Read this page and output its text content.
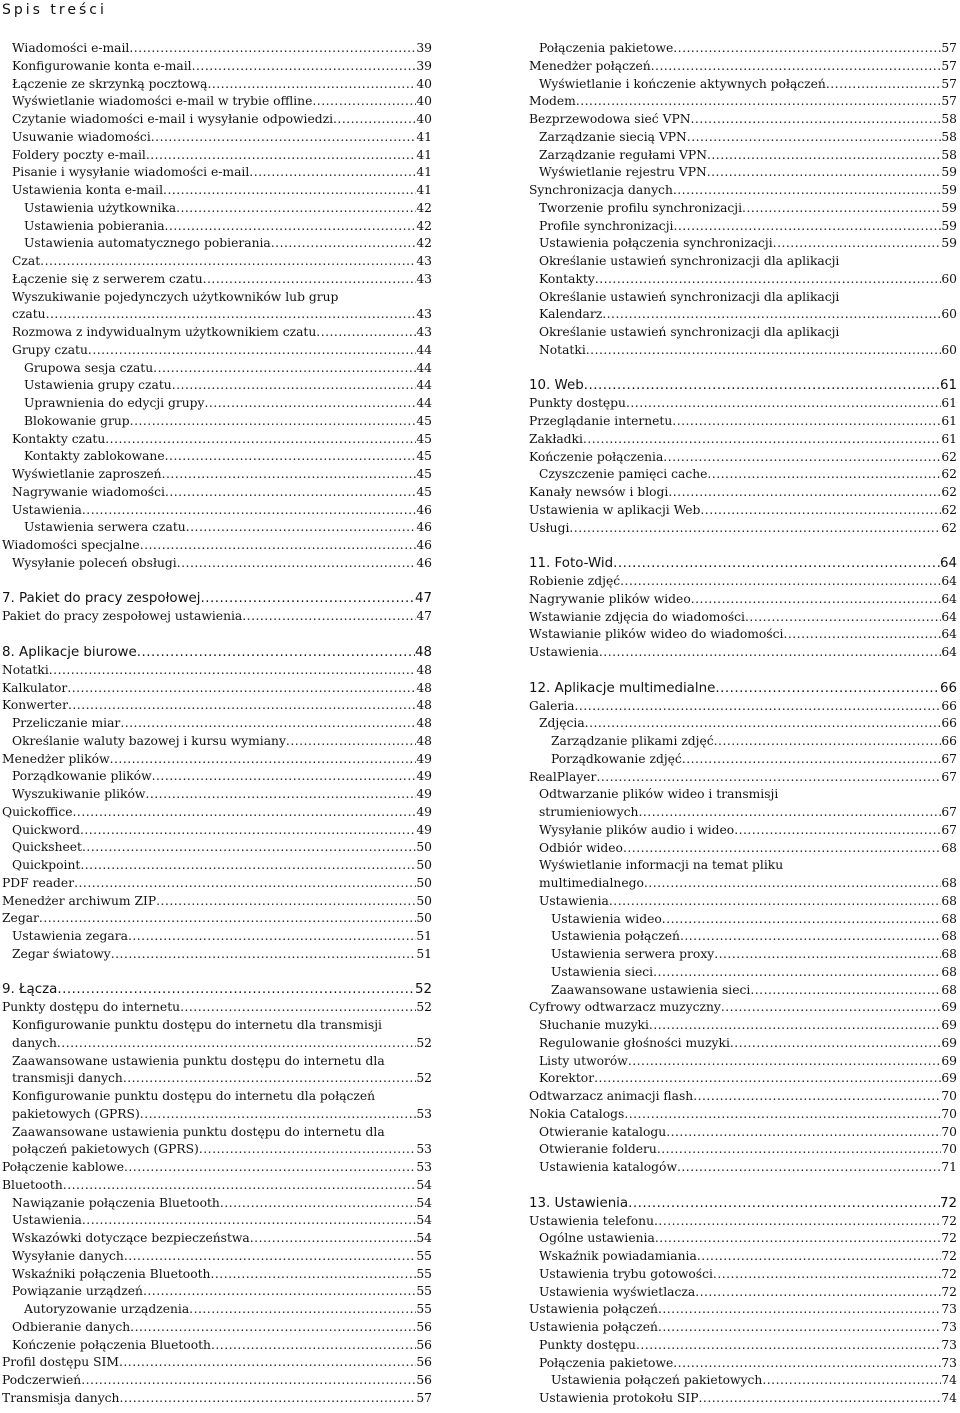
Spis treści
Wiadomości e-mail .....	39
Konfigurowanie konta e-mail .....	39
Łączenie ze skrzynką pocztową .....	40
Wyświetlanie wiadomości e-mail w trybie offline .....	40
Czytanie wiadomości e-mail i wysyłanie odpowiedzi .....	40
Usuwanie wiadomości .....	41
Foldery poczty e-mail .....	41
Pisanie i wysyłanie wiadomości e-mail .....	41
Ustawienia konta e-mail .....	41
Ustawienia użytkownika .....	42
Ustawienia pobierania .....	42
Ustawienia automatycznego pobierania .....	42
Czat .....	43
Łączenie się z serwerem czatu .....	43
Wyszukiwanie pojedynczych użytkowników lub grup
czatu .....	43
Rozmowa z indywidualnym użytkownikiem czatu .....	43
Grupy czatu .....	44
Grupowa sesja czatu .....	44
Ustawienia grupy czatu .....	44
Uprawnienia do edycji grupy .....	44
Blokowanie grup .....	45
Kontakty czatu .....	45
Kontakty zablokowane .....	45
Wyświetlanie zaproszeń .....	45
Nagrywanie wiadomości .....	45
Ustawienia .....	46
Ustawienia serwera czatu .....	46
Wiadomości specjalne .....	46
Wysyłanie poleceń obsługi .....	46
7. Pakiet do pracy zespołowej .....	47
Pakiet do pracy zespołowej ustawienia .....	47
8. Aplikacje biurowe .....	48
Notatki .....	48
Kalkulator .....	48
Konwerter .....	48
Przeliczanie miar .....	48
Określanie waluty bazowej i kursu wymiany .....	48
Menedżer plików .....	49
Porządkowanie plików .....	49
Wyszukiwanie plików .....	49
Quickoffice .....	49
Quickword .....	49
Quicksheet .....	50
Quickpoint .....	50
PDF reader .....	50
Menedżer archiwum ZIP .....	50
Zegar .....	50
Ustawienia zegara .....	51
Zegar światowy .....	51
9. Łącza .....	52
Punkty dostępu do internetu .....	52
Konfigurowanie punktu dostępu do internetu dla transmisji
danych .....	52
Zaawansowane ustawienia punktu dostępu do internetu dla
transmisji danych .....	52
Konfigurowanie punktu dostępu do internetu dla połączeń
pakietowych (GPRS) .....	53
Zaawansowane ustawienia punktu dostępu do internetu dla
połączeń pakietowych (GPRS) .....	53
Połączenie kablowe .....	53
Bluetooth .....	54
Nawiązanie połączenia Bluetooth .....	54
Ustawienia .....	54
Wskazówki dotyczące bezpieczeństwa .....	54
Wysyłanie danych .....	55
Wskaźniki połączenia Bluetooth .....	55
Powiązanie urządzeń .....	55
Autoryzowanie urządzenia .....	55
Odbieranie danych .....	56
Kończenie połączenia Bluetooth .....	56
Profil dostępu SIM .....	56
Podczerwień .....	56
Transmisja danych .....	57
Połączenia pakietowe .....	57
Menedżer połączeń .....	57
Wyświetlanie i kończenie aktywnych połączeń .....	57
Modem .....	57
Bezprzewodowa sieć VPN .....	58
Zarządzanie siecią VPN .....	58
Zarządzanie regułami VPN .....	58
Wyświetlanie rejestru VPN .....	59
Synchronizacja danych .....	59
Tworzenie profilu synchronizacji .....	59
Profile synchronizacji .....	59
Ustawienia połączenia synchronizacji .....	59
Określanie ustawień synchronizacji dla aplikacji
Kontakty .....	60
Określanie ustawień synchronizacji dla aplikacji
Kalendarz .....	60
Określanie ustawień synchronizacji dla aplikacji
Notatki .....	60
10. Web .....	61
Punkty dostępu .....	61
Przeglądanie internetu .....	61
Zakładki .....	61
Kończenie połączenia .....	62
Czyszczenie pamięci cache .....	62
Kanały newsów i blogi .....	62
Ustawienia w aplikacji Web .....	62
Usługi .....	62
11. Foto-Wid .....	64
Robienie zdjęć .....	64
Nagrywanie plików wideo .....	64
Wstawianie zdjęcia do wiadomości .....	64
Wstawianie plików wideo do wiadomości .....	64
Ustawienia .....	64
12. Aplikacje multimedialne .....	66
Galeria .....	66
Zdjęcia .....	66
Zarządzanie plikami zdjęć .....	66
Porządkowanie zdjęć .....	67
RealPlayer .....	67
Odtwarzanie plików wideo i transmisji
strumieniowych .....	67
Wysyłanie plików audio i wideo .....	67
Odbiór wideo .....	68
Wyświetlanie informacji na temat pliku
multimedialnego .....	68
Ustawienia .....	68
Ustawienia wideo .....	68
Ustawienia połączeń .....	68
Ustawienia serwera proxy .....	68
Ustawienia sieci .....	68
Zaawansowane ustawienia sieci .....	68
Cyfrowy odtwarzacz muzyczny .....	69
Słuchanie muzyki .....	69
Regulowanie głośności muzyki .....	69
Listy utworów .....	69
Korektor .....	69
Odtwarzacz animacji flash .....	70
Nokia Catalogs .....	70
Otwieranie katalogu .....	70
Otwieranie folderu .....	70
Ustawienia katalogów .....	71
13. Ustawienia .....	72
Ustawienia telefonu .....	72
Ogólne ustawienia .....	72
Wskaźnik powiadamiania .....	72
Ustawienia trybu gotowości .....	72
Ustawienia wyświetlacza .....	72
Ustawienia połączeń .....	73
Ustawienia połączeń .....	73
Punkty dostępu .....	73
Połączenia pakietowe .....	73
Ustawienia połączeń pakietowych .....	74
Ustawienia protokołu SIP .....	74
